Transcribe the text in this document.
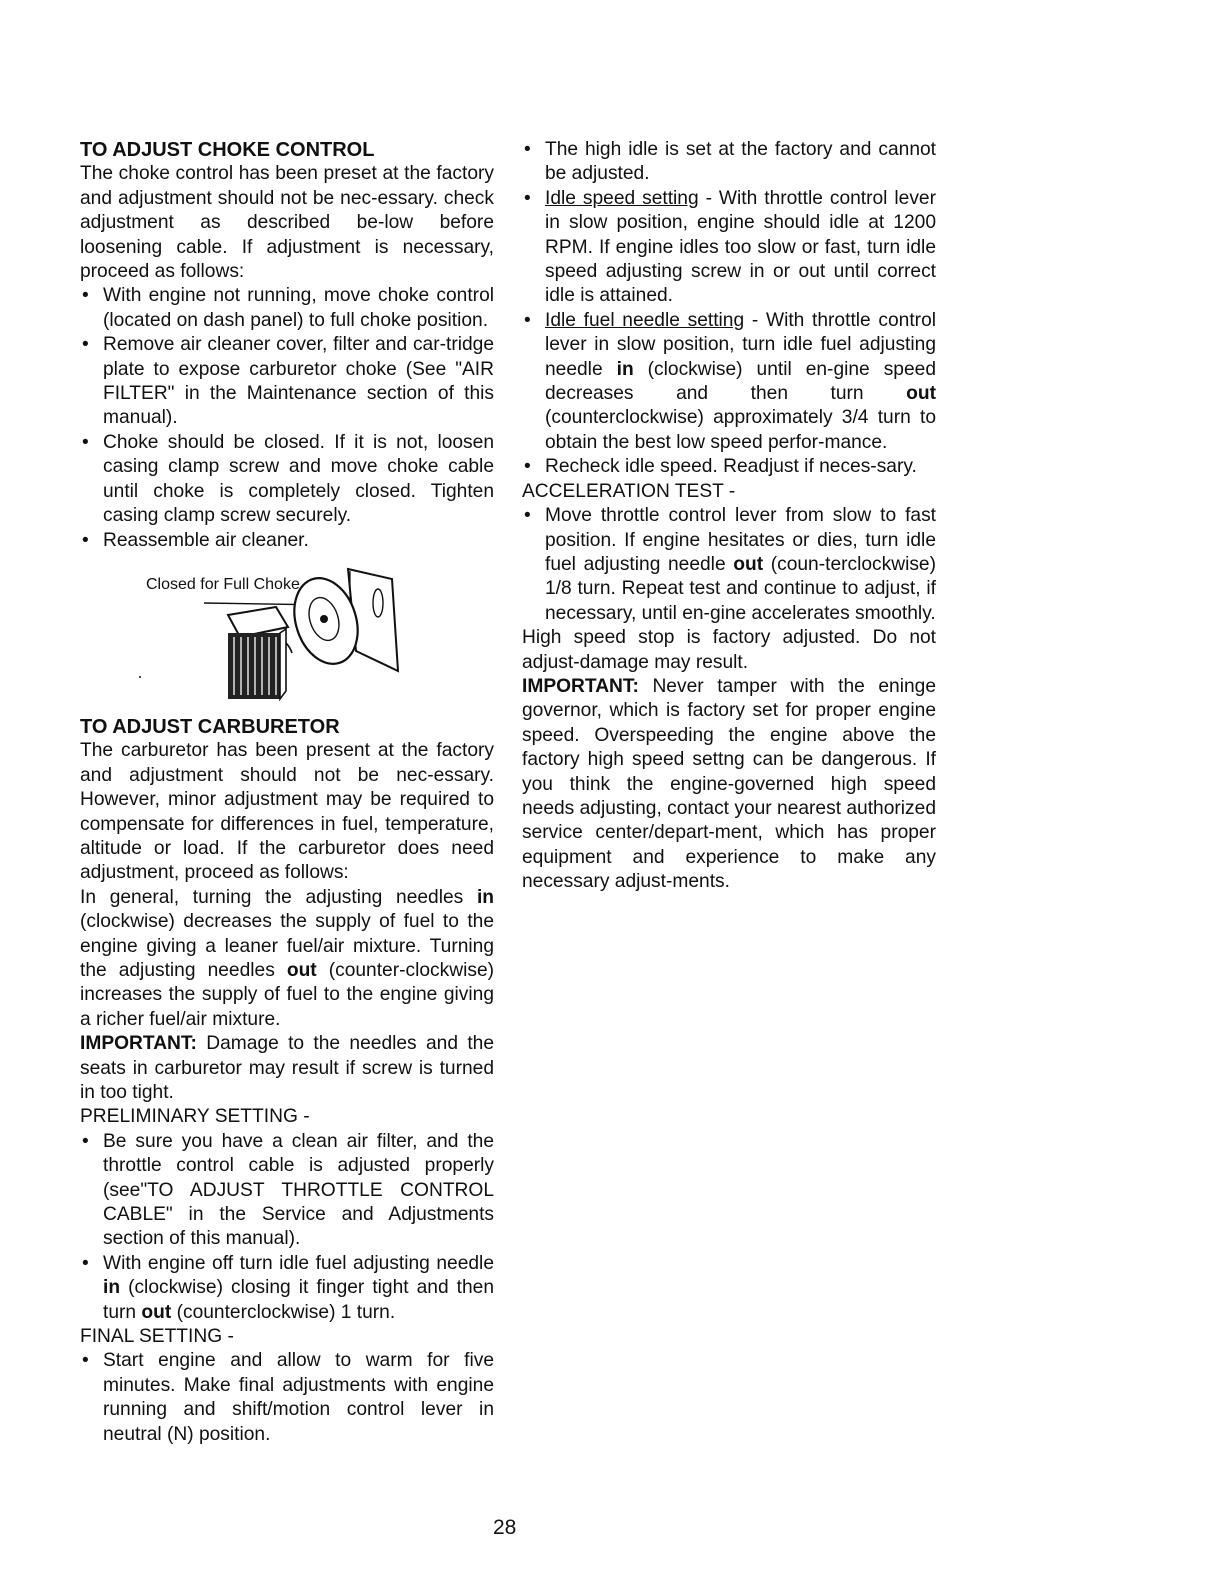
TO ADJUST CHOKE CONTROL

The choke control has been preset at the factory and adjustment should not be nec-essary. check adjustment as described be-low before loosening cable. If adjustment is necessary, proceed as follows:

• With engine not running, move choke control (located on dash panel) to full choke position.
• Remove air cleaner cover, filter and car-tridge plate to expose carburetor choke (See "AIR FILTER" in the Maintenance section of this manual).
• Choke should be closed. If it is not, loosen casing clamp screw and move choke cable until choke is completely closed. Tighten casing clamp screw securely.
• Reassemble air cleaner.
Closed for Full Choke
TO ADJUST CARBURETOR

The carburetor has been present at the factory and adjustment should not be nec-essary. However, minor adjustment may be required to compensate for differences in fuel, temperature, altitude or load. If the carburetor does need adjustment, proceed as follows:

In general, turning the adjusting needles in (clockwise) decreases the supply of fuel to the engine giving a leaner fuel/air mixture. Turning the adjusting needles out (counter-clockwise) increases the supply of fuel to the engine giving a richer fuel/air mixture.

IMPORTANT: Damage to the needles and the seats in carburetor may result if screw is turned in too tight.

PRELIMINARY SETTING -

• Be sure you have a clean air filter, and the throttle control cable is adjusted properly (see"TO ADJUST THROTTLE CONTROL CABLE" in the Service and Adjustments section of this manual).
• With engine off turn idle fuel adjusting needle in (clockwise) closing it finger tight and then turn out (counterclockwise) 1 turn.

FINAL SETTING -

• Start engine and allow to warm for five minutes. Make final adjustments with engine running and shift/motion control lever in neutral (N) position.
• The high idle is set at the factory and cannot be adjusted.
• Idle speed setting - With throttle control lever in slow position, engine should idle at 1200 RPM. If engine idles too slow or fast, turn idle speed adjusting screw in or out until correct idle is attained.
• Idle fuel needle setting - With throttle control lever in slow position, turn idle fuel adjusting needle in (clockwise) until en-gine speed decreases and then turn out (counterclockwise) approximately 3/4 turn to obtain the best low speed perfor-mance.
• Recheck idle speed. Readjust if neces-sary.

ACCELERATION TEST -

• Move throttle control lever from slow to fast position. If engine hesitates or dies, turn idle fuel adjusting needle out (coun-terclockwise) 1/8 turn. Repeat test and continue to adjust, if necessary, until en-gine accelerates smoothly.

High speed stop is factory adjusted. Do not adjust-damage may result.

IMPORTANT: Never tamper with the eninge governor, which is factory set for proper engine speed. Overspeeding the engine above the factory high speed settng can be dangerous. If you think the engine-governed high speed needs adjusting, contact your nearest authorized service center/depart-ment, which has proper equipment and experience to make any necessary adjust-ments.

28
